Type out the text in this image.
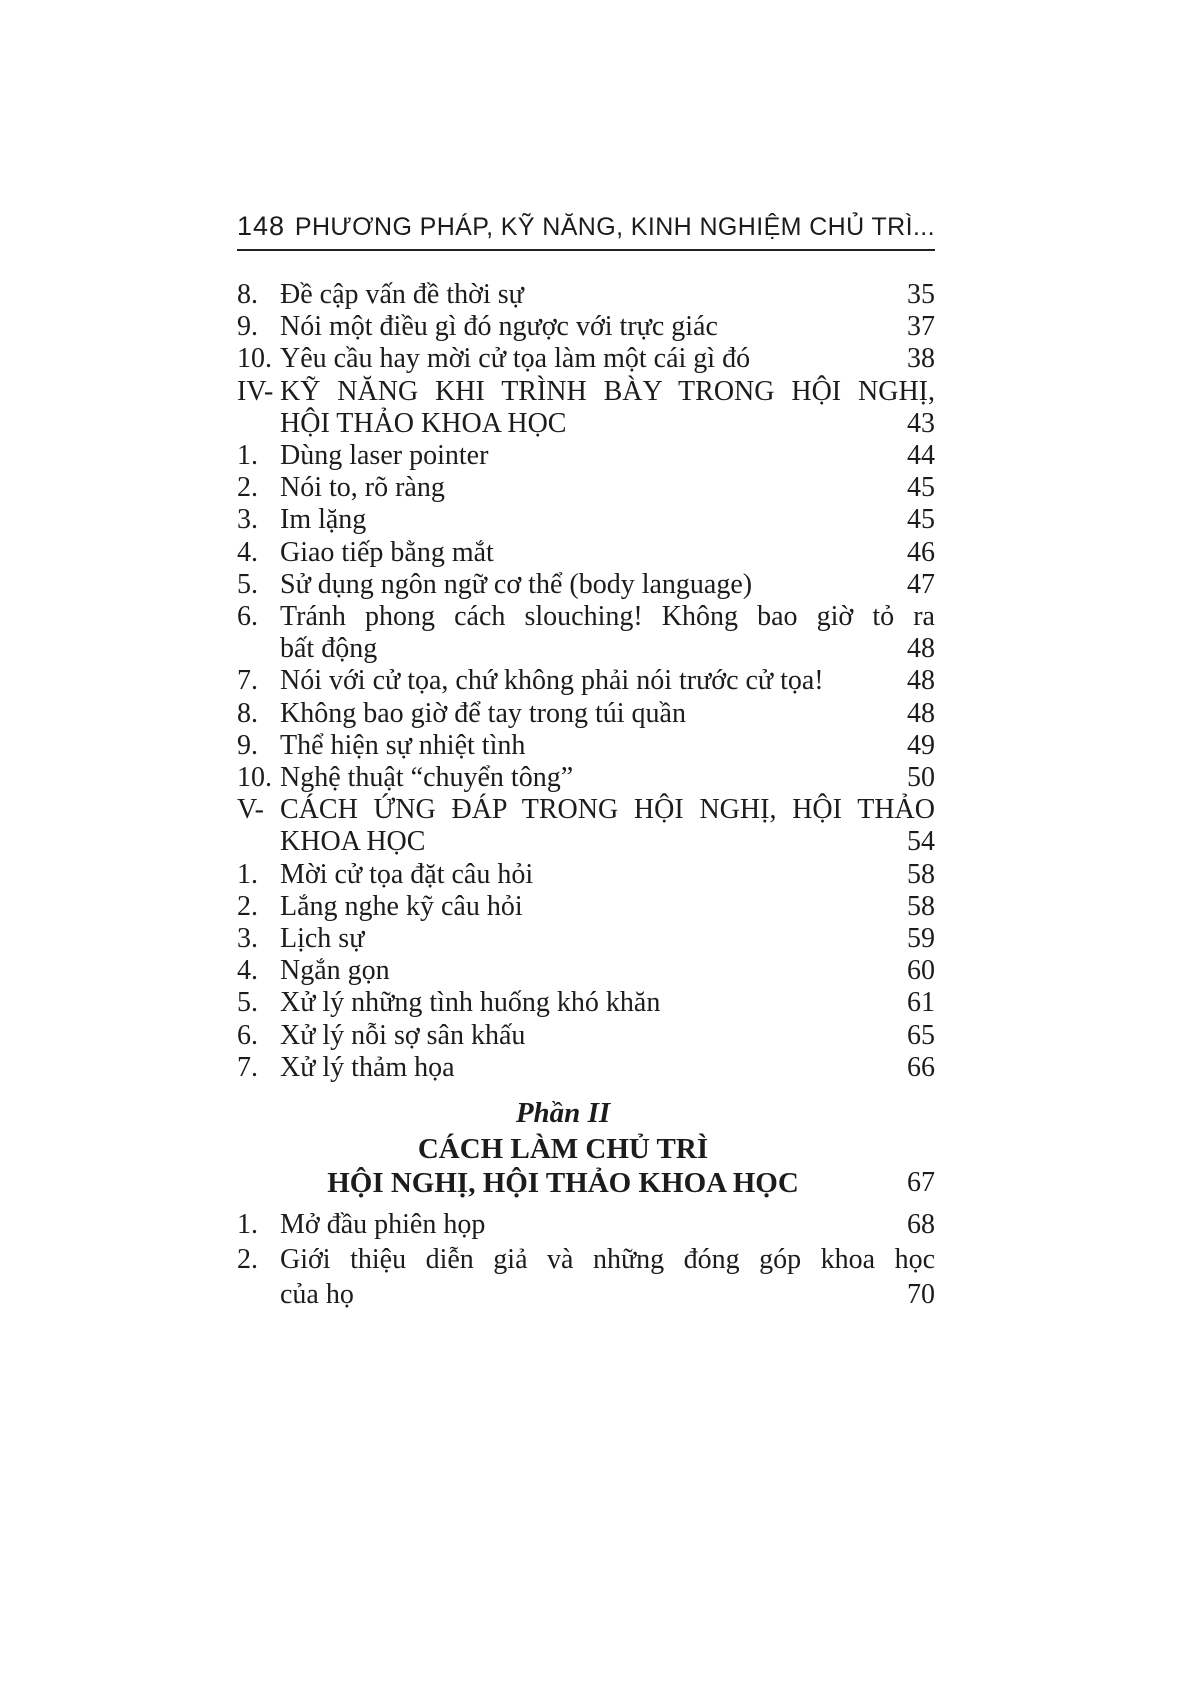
148 PHƯƠNG PHÁP, KỸ NĂNG, KINH NGHIỆM CHỦ TRÌ...
8. Đề cập vấn đề thời sự	35
9. Nói một điều gì đó ngược với trực giác	37
10. Yêu cầu hay mời cử tọa làm một cái gì đó	38
IV- KỸ NĂNG KHI TRÌNH BÀY TRONG HỘI NGHỊ,
HỘI THẢO KHOA HỌC	43
1. Dùng laser pointer	44
2. Nói to, rõ ràng	45
3. Im lặng	45
4. Giao tiếp bằng mắt	46
5. Sử dụng ngôn ngữ cơ thể (body language)	47
6. Tránh phong cách slouching! Không bao giờ tỏ ra
bất động	48
7. Nói với cử tọa, chứ không phải nói trước cử tọa!	48
8. Không bao giờ để tay trong túi quần	48
9. Thể hiện sự nhiệt tình	49
10. Nghệ thuật “chuyển tông”	50
V- CÁCH ỨNG ĐÁP TRONG HỘI NGHỊ, HỘI THẢO
KHOA HỌC	54
1. Mời cử tọa đặt câu hỏi	58
2. Lắng nghe kỹ câu hỏi	58
3. Lịch sự	59
4. Ngắn gọn	60
5. Xử lý những tình huống khó khăn	61
6. Xử lý nỗi sợ sân khấu	65
7. Xử lý thảm họa	66
Phần II
CÁCH LÀM CHỦ TRÌ
HỘI NGHỊ, HỘI THẢO KHOA HỌC	67
1. Mở đầu phiên họp	68
2. Giới thiệu diễn giả và những đóng góp khoa học
của họ	70
